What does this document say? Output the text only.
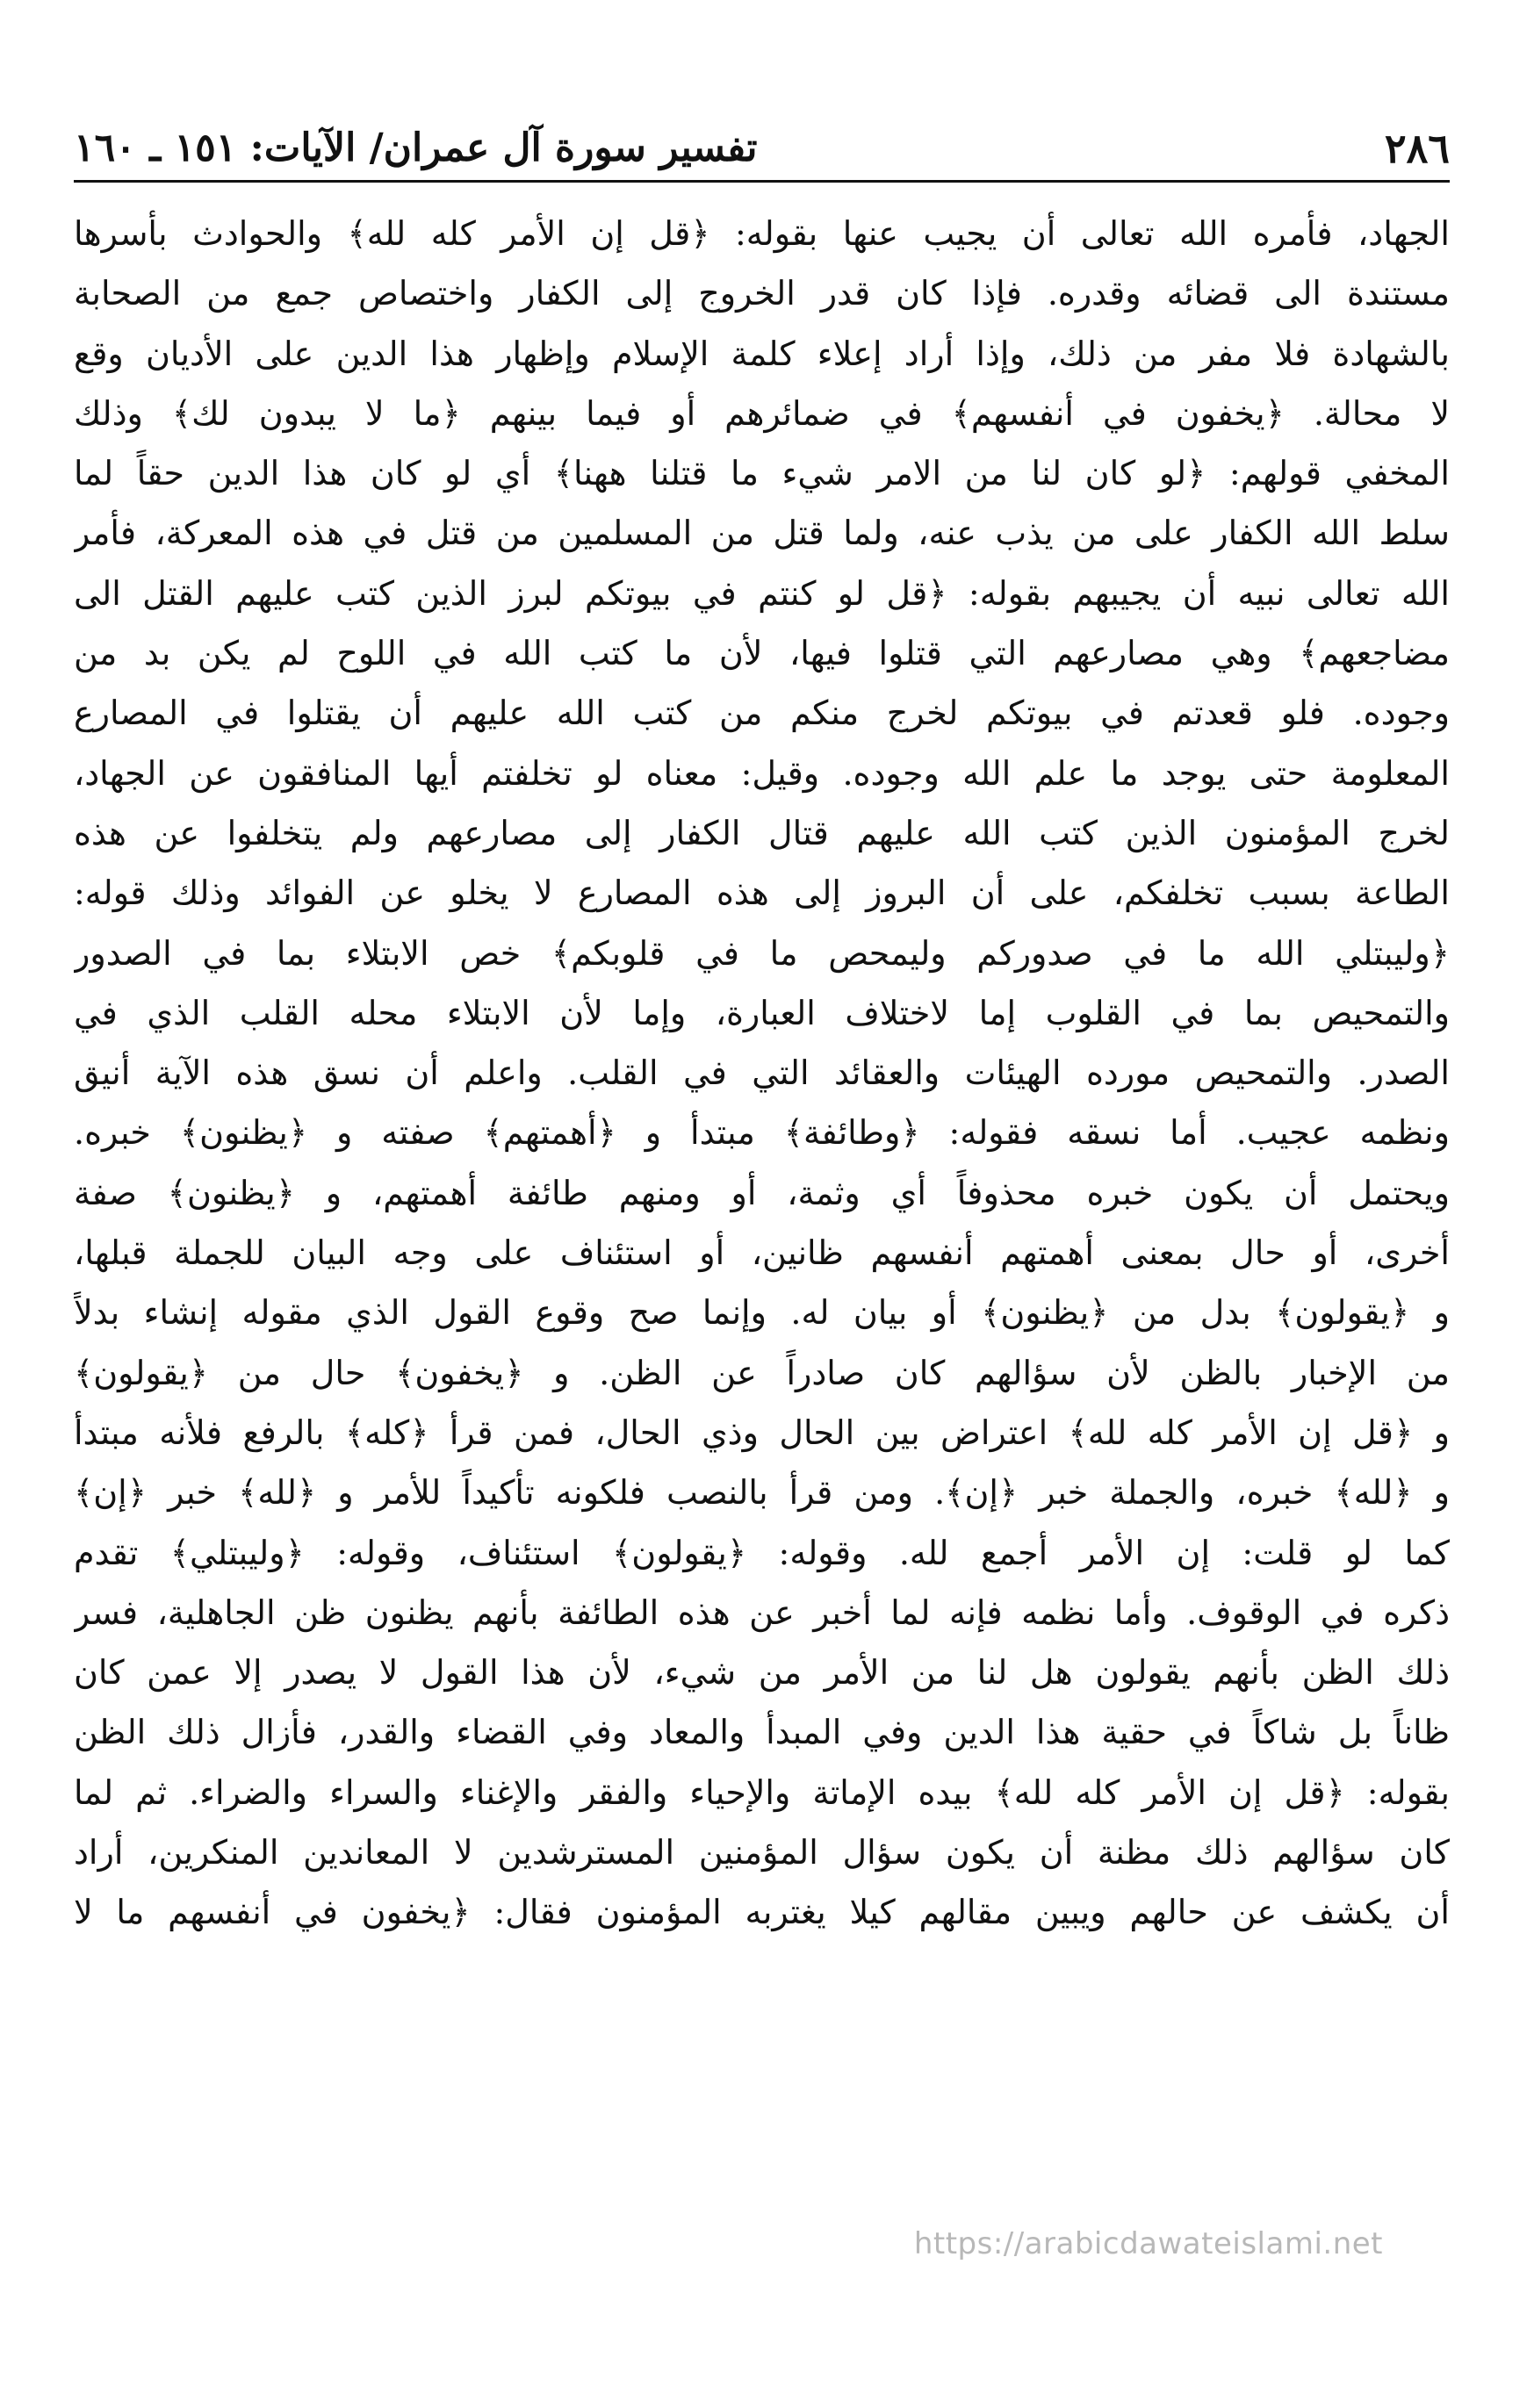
٢٨٦
تفسير سورة آل عمران/ الآيات: ١٥١ ـ ١٦٠
الجهاد، فأمره الله تعالى أن يجيب عنها بقوله: ﴿قل إن الأمر كله لله﴾ والحوادث بأسرها
مستندة الى قضائه وقدره. فإذا كان قدر الخروج إلى الكفار واختصاص جمع من الصحابة
بالشهادة فلا مفر من ذلك، وإذا أراد إعلاء كلمة الإسلام وإظهار هذا الدين على الأديان وقع
لا محالة. ﴿يخفون في أنفسهم﴾ في ضمائرهم أو فيما بينهم ﴿ما لا يبدون لك﴾ وذلك
المخفي قولهم: ﴿لو كان لنا من الامر شيء ما قتلنا ههنا﴾ أي لو كان هذا الدين حقاً لما
سلط الله الكفار على من يذب عنه، ولما قتل من المسلمين من قتل في هذه المعركة، فأمر
الله تعالى نبيه أن يجيبهم بقوله: ﴿قل لو كنتم في بيوتكم لبرز الذين كتب عليهم القتل الى
مضاجعهم﴾ وهي مصارعهم التي قتلوا فيها، لأن ما كتب الله في اللوح لم يكن بد من
وجوده. فلو قعدتم في بيوتكم لخرج منكم من كتب الله عليهم أن يقتلوا في المصارع
المعلومة حتى يوجد ما علم الله وجوده. وقيل: معناه لو تخلفتم أيها المنافقون عن الجهاد،
لخرج المؤمنون الذين كتب الله عليهم قتال الكفار إلى مصارعهم ولم يتخلفوا عن هذه
الطاعة بسبب تخلفكم، على أن البروز إلى هذه المصارع لا يخلو عن الفوائد وذلك قوله:
﴿وليبتلي الله ما في صدوركم وليمحص ما في قلوبكم﴾ خص الابتلاء بما في الصدور
والتمحيص بما في القلوب إما لاختلاف العبارة، وإما لأن الابتلاء محله القلب الذي في
الصدر. والتمحيص مورده الهيئات والعقائد التي في القلب. واعلم أن نسق هذه الآية أنيق
ونظمه عجيب. أما نسقه فقوله: ﴿وطائفة﴾ مبتدأ و ﴿أهمتهم﴾ صفته و ﴿يظنون﴾ خبره.
ويحتمل أن يكون خبره محذوفاً أي وثمة، أو ومنهم طائفة أهمتهم، و ﴿يظنون﴾ صفة
أخرى، أو حال بمعنى أهمتهم أنفسهم ظانين، أو استئناف على وجه البيان للجملة قبلها،
و ﴿يقولون﴾ بدل من ﴿يظنون﴾ أو بيان له. وإنما صح وقوع القول الذي مقوله إنشاء بدلاً
من الإخبار بالظن لأن سؤالهم كان صادراً عن الظن. و ﴿يخفون﴾ حال من ﴿يقولون﴾
و ﴿قل إن الأمر كله لله﴾ اعتراض بين الحال وذي الحال، فمن قرأ ﴿كله﴾ بالرفع فلأنه مبتدأ
و ﴿لله﴾ خبره، والجملة خبر ﴿إن﴾. ومن قرأ بالنصب فلكونه تأكيداً للأمر و ﴿لله﴾ خبر ﴿إن﴾
كما لو قلت: إن الأمر أجمع لله. وقوله: ﴿يقولون﴾ استئناف، وقوله: ﴿وليبتلي﴾ تقدم
ذكره في الوقوف. وأما نظمه فإنه لما أخبر عن هذه الطائفة بأنهم يظنون ظن الجاهلية، فسر
ذلك الظن بأنهم يقولون هل لنا من الأمر من شيء، لأن هذا القول لا يصدر إلا عمن كان
ظاناً بل شاكاً في حقية هذا الدين وفي المبدأ والمعاد وفي القضاء والقدر، فأزال ذلك الظن
بقوله: ﴿قل إن الأمر كله لله﴾ بيده الإماتة والإحياء والفقر والإغناء والسراء والضراء. ثم لما
كان سؤالهم ذلك مظنة أن يكون سؤال المؤمنين المسترشدين لا المعاندين المنكرين، أراد
أن يكشف عن حالهم ويبين مقالهم كيلا يغتربه المؤمنون فقال: ﴿يخفون في أنفسهم ما لا
https://arabicdawateislami.net
